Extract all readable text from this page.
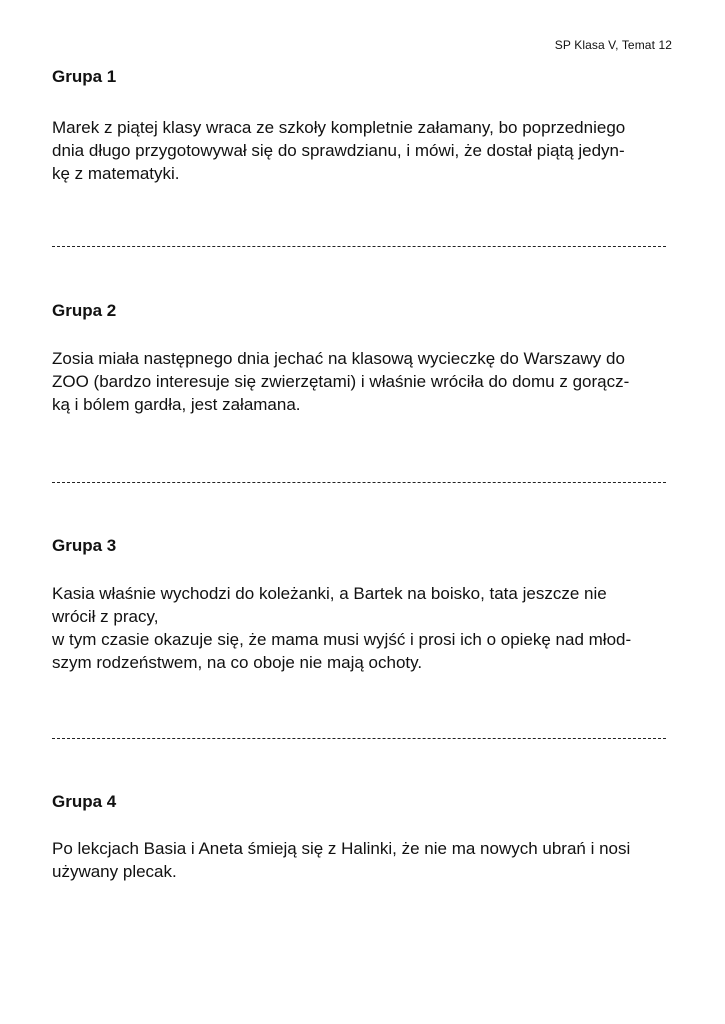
SP Klasa V, Temat 12
Grupa 1

Marek z piątej klasy wraca ze szkoły kompletnie załamany, bo poprzedniego
dnia długo przygotowywał się do sprawdzianu, i mówi, że dostał piątą jedyn-
kę z matematyki.

Grupa 2

Zosia miała następnego dnia jechać na klasową wycieczkę do Warszawy do
ZOO (bardzo interesuje się zwierzętami) i właśnie wróciła do domu z gorącz-
ką i bólem gardła, jest załamana.

Grupa 3

Kasia właśnie wychodzi do koleżanki, a Bartek na boisko, tata jeszcze nie
wrócił z pracy,
w tym czasie okazuje się, że mama musi wyjść i prosi ich o opiekę nad młod-
szym rodzeństwem, na co oboje nie mają ochoty.

Grupa 4

Po lekcjach Basia i Aneta śmieją się z Halinki, że nie ma nowych ubrań i nosi
używany plecak.
